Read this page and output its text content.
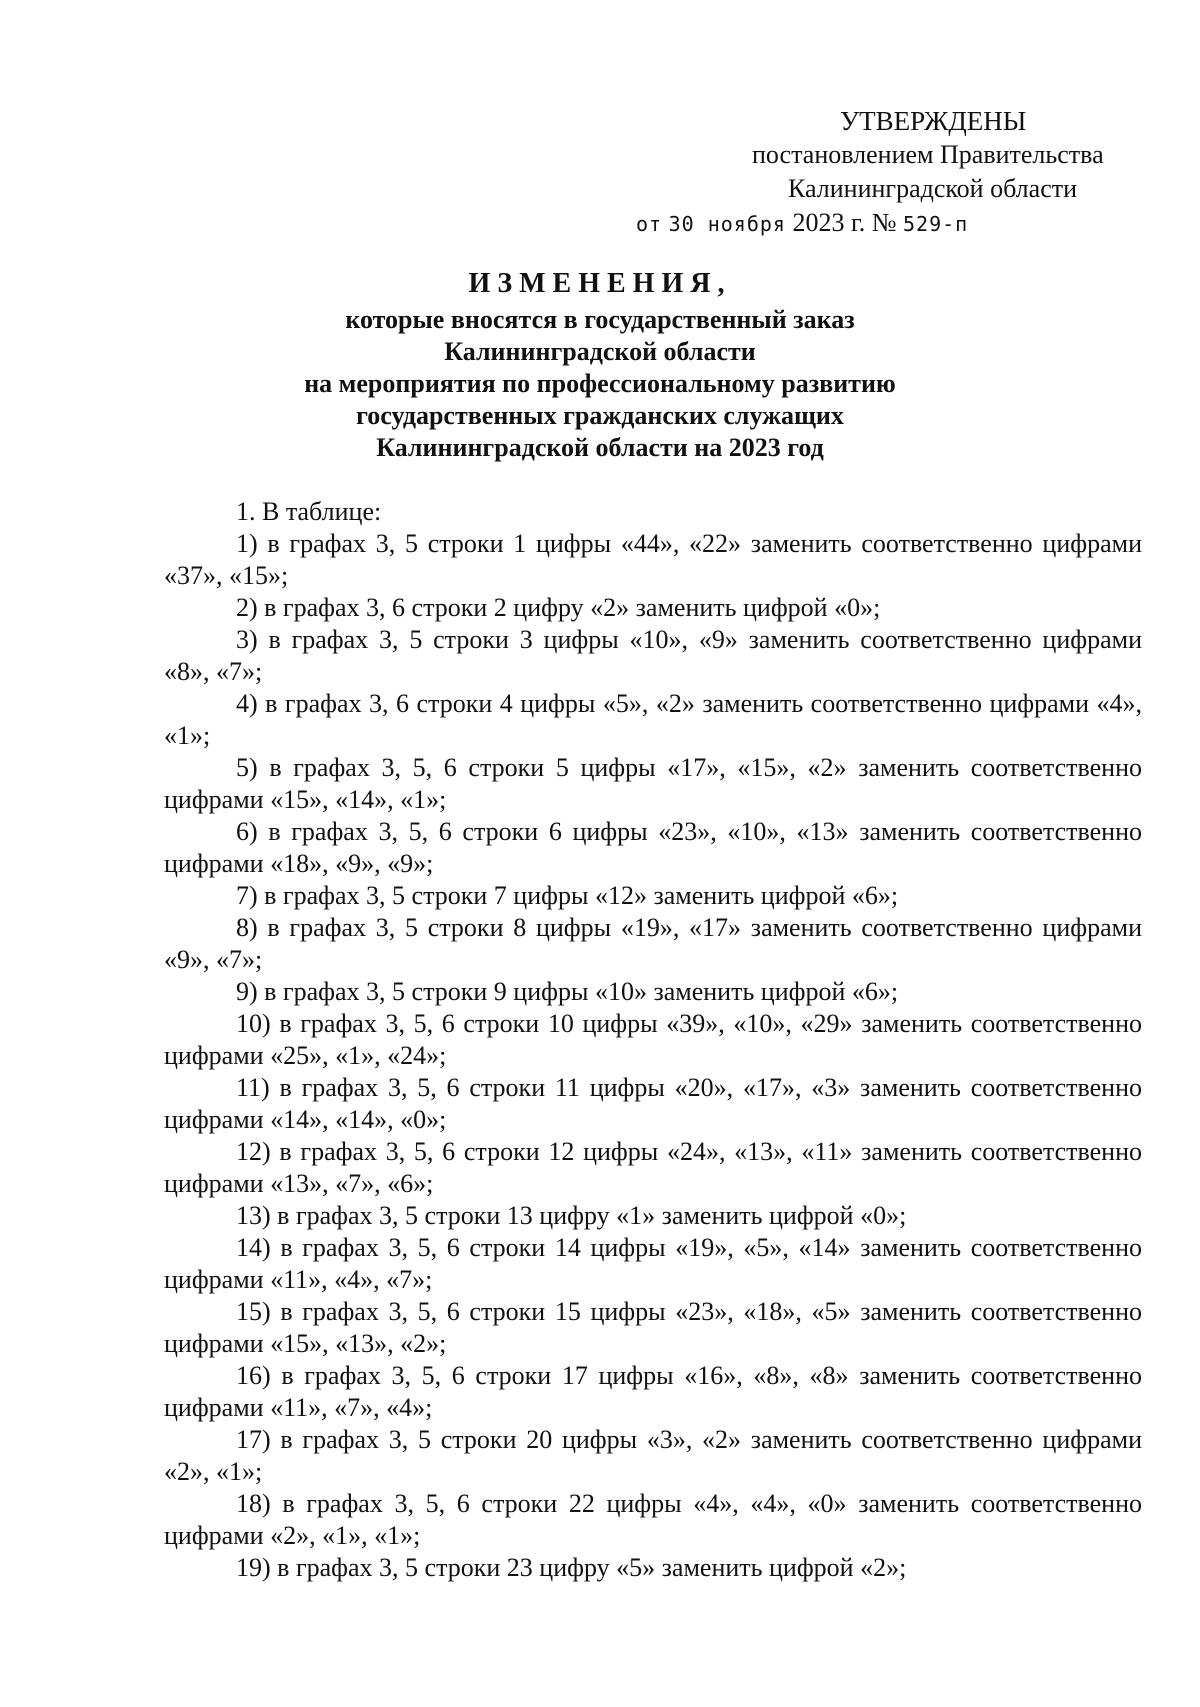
УТВЕРЖДЕНЫ
постановлением Правительства
Калининградской области
от 30 ноября 2023 г. № 529-п
ИЗМЕНЕНИЯ,
которые вносятся в государственный заказ
Калининградской области
на мероприятия по профессиональному развитию
государственных гражданских служащих
Калининградской области на 2023 год
1. В таблице:
1) в графах 3, 5 строки 1 цифры «44», «22» заменить соответственно цифрами «37», «15»;
2) в графах 3, 6 строки 2 цифру «2» заменить цифрой «0»;
3) в графах 3, 5 строки 3 цифры «10», «9» заменить соответственно цифрами «8», «7»;
4) в графах 3, 6 строки 4 цифры «5», «2» заменить соответственно цифрами «4», «1»;
5) в графах 3, 5, 6 строки 5 цифры «17», «15», «2» заменить соответственно цифрами «15», «14», «1»;
6) в графах 3, 5, 6 строки 6 цифры «23», «10», «13» заменить соответственно цифрами «18», «9», «9»;
7) в графах 3, 5 строки 7 цифры «12» заменить цифрой «6»;
8) в графах 3, 5 строки 8 цифры «19», «17» заменить соответственно цифрами «9», «7»;
9) в графах 3, 5 строки 9 цифры «10» заменить цифрой «6»;
10) в графах 3, 5, 6 строки 10 цифры «39», «10», «29» заменить соответственно цифрами «25», «1», «24»;
11) в графах 3, 5, 6 строки 11 цифры «20», «17», «3» заменить соответственно цифрами «14», «14», «0»;
12) в графах 3, 5, 6 строки 12 цифры «24», «13», «11» заменить соответственно цифрами «13», «7», «6»;
13) в графах 3, 5 строки 13 цифру «1» заменить цифрой «0»;
14) в графах 3, 5, 6 строки 14 цифры «19», «5», «14» заменить соответственно цифрами «11», «4», «7»;
15) в графах 3, 5, 6 строки 15 цифры «23», «18», «5» заменить соответственно цифрами «15», «13», «2»;
16) в графах 3, 5, 6 строки 17 цифры «16», «8», «8» заменить соответственно цифрами «11», «7», «4»;
17) в графах 3, 5 строки 20 цифры «3», «2» заменить соответственно цифрами «2», «1»;
18) в графах 3, 5, 6 строки 22 цифры «4», «4», «0» заменить соответственно цифрами «2», «1», «1»;
19) в графах 3, 5 строки 23 цифру «5» заменить цифрой «2»;
